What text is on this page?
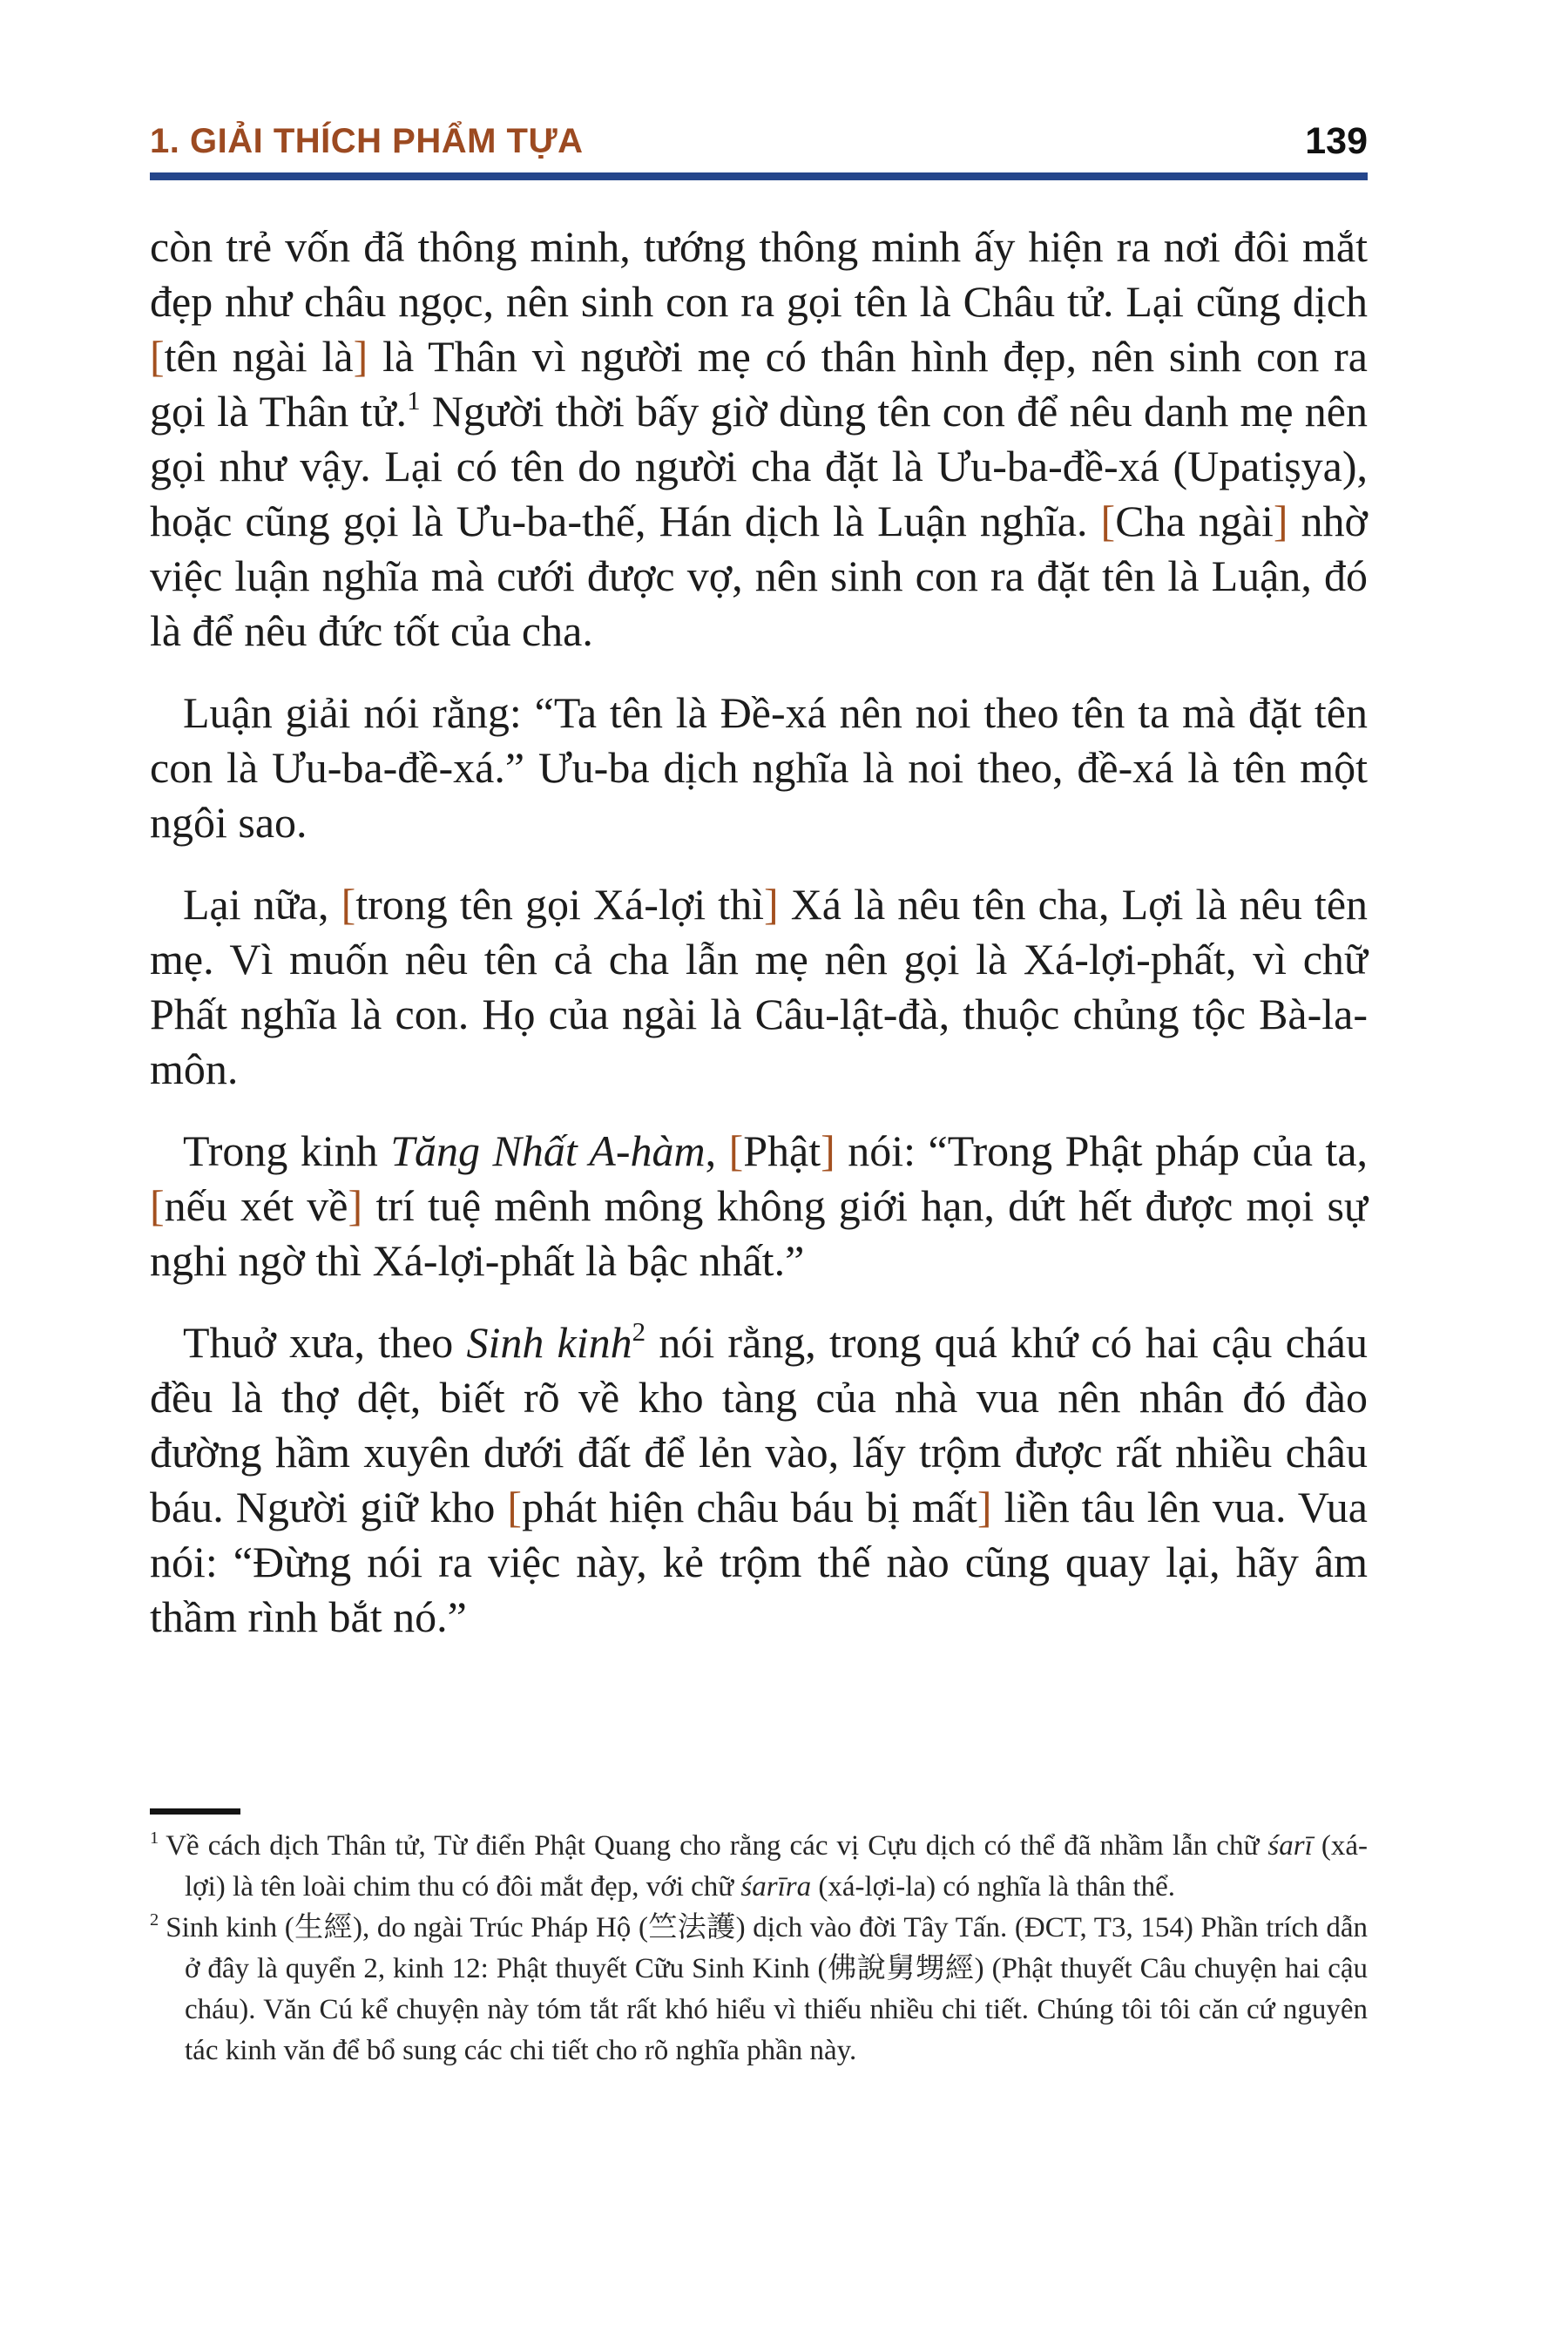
1. GIẢI THÍCH PHẨM TỰA	139

còn trẻ vốn đã thông minh, tướng thông minh ấy hiện ra nơi đôi mắt đẹp như châu ngọc, nên sinh con ra gọi tên là Châu tử. Lại cũng dịch [tên ngài là] là Thân vì người mẹ có thân hình đẹp, nên sinh con ra gọi là Thân tử.$^1$ Người thời bấy giờ dùng tên con để nêu danh mẹ nên gọi như vậy. Lại có tên do người cha đặt là Ưu-ba-đề-xá (Upatiṣya), hoặc cũng gọi là Ưu-ba-thế, Hán dịch là Luận nghĩa. [Cha ngài] nhờ việc luận nghĩa mà cưới được vợ, nên sinh con ra đặt tên là Luận, đó là để nêu đức tốt của cha.

Luận giải nói rằng: “Ta tên là Đề-xá nên noi theo tên ta mà đặt tên con là Ưu-ba-đề-xá.” Ưu-ba dịch nghĩa là noi theo, đề-xá là tên một ngôi sao.

Lại nữa, [trong tên gọi Xá-lợi thì] Xá là nêu tên cha, Lợi là nêu tên mẹ. Vì muốn nêu tên cả cha lẫn mẹ nên gọi là Xá-lợi-phất, vì chữ Phất nghĩa là con. Họ của ngài là Câu-lật-đà, thuộc chủng tộc Bà-la-môn.

Trong kinh Tăng Nhất A-hàm, [Phật] nói: “Trong Phật pháp của ta, [nếu xét về] trí tuệ mênh mông không giới hạn, dứt hết được mọi sự nghi ngờ thì Xá-lợi-phất là bậc nhất.”

Thuở xưa, theo Sinh kinh$^2$ nói rằng, trong quá khứ có hai cậu cháu đều là thợ dệt, biết rõ về kho tàng của nhà vua nên nhân đó đào đường hầm xuyên dưới đất để lẻn vào, lấy trộm được rất nhiều châu báu. Người giữ kho [phát hiện châu báu bị mất] liền tâu lên vua. Vua nói: “Đừng nói ra việc này, kẻ trộm thế nào cũng quay lại, hãy âm thầm rình bắt nó.”

$^1$ Về cách dịch Thân tử, Từ điển Phật Quang cho rằng các vị Cựu dịch có thể đã nhầm lẫn chữ śarī (xá-lợi) là tên loài chim thu có đôi mắt đẹp, với chữ śarīra (xá-lợi-la) có nghĩa là thân thể.

$^2$ Sinh kinh (生經), do ngài Trúc Pháp Hộ (竺法護) dịch vào đời Tây Tấn. (ĐCT, T3, 154) Phần trích dẫn ở đây là quyển 2, kinh 12: Phật thuyết Cữu Sinh Kinh (佛說舅甥經) (Phật thuyết Câu chuyện hai cậu cháu). Văn Cú kể chuyện này tóm tắt rất khó hiểu vì thiếu nhiều chi tiết. Chúng tôi tôi căn cứ nguyên tác kinh văn để bổ sung các chi tiết cho rõ nghĩa phần này.
